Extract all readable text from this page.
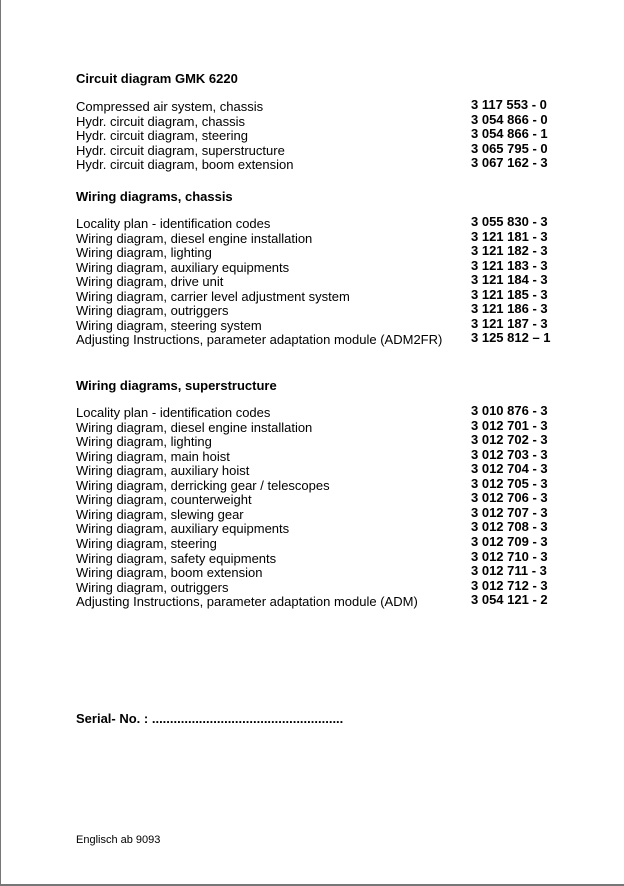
Circuit diagram GMK 6220
Compressed air system, chassis	3 117 553 - 0
Hydr. circuit diagram, chassis	3 054 866 - 0
Hydr. circuit diagram, steering	3 054 866 - 1
Hydr. circuit diagram, superstructure	3 065 795 - 0
Hydr. circuit diagram, boom extension	3 067 162 - 3
Wiring diagrams, chassis
Locality plan - identification codes	3 055 830 - 3
Wiring diagram, diesel engine installation	3 121 181 - 3
Wiring diagram, lighting	3 121 182 - 3
Wiring diagram, auxiliary equipments	3 121 183 - 3
Wiring diagram, drive unit	3 121 184 - 3
Wiring diagram, carrier level adjustment system	3 121 185 - 3
Wiring diagram, outriggers	3 121 186 - 3
Wiring diagram, steering system	3 121 187 - 3
Adjusting Instructions, parameter adaptation module (ADM2FR) 3 125 812 – 1
Wiring diagrams, superstructure
Locality plan - identification codes	3 010 876 - 3
Wiring diagram, diesel engine installation	3 012 701 - 3
Wiring diagram, lighting	3 012 702 - 3
Wiring diagram, main hoist	3 012 703 - 3
Wiring diagram, auxiliary hoist	3 012 704 - 3
Wiring diagram, derricking gear / telescopes	3 012 705 - 3
Wiring diagram, counterweight	3 012 706 - 3
Wiring diagram, slewing gear	3 012 707 - 3
Wiring diagram, auxiliary equipments	3 012 708 - 3
Wiring diagram, steering	3 012 709 - 3
Wiring diagram, safety equipments	3 012 710 - 3
Wiring diagram, boom extension	3 012 711 - 3
Wiring diagram, outriggers	3 012 712 - 3
Adjusting Instructions, parameter adaptation module (ADM)	3 054 121 - 2
Serial- No. : .....................................................
Englisch ab 9093
